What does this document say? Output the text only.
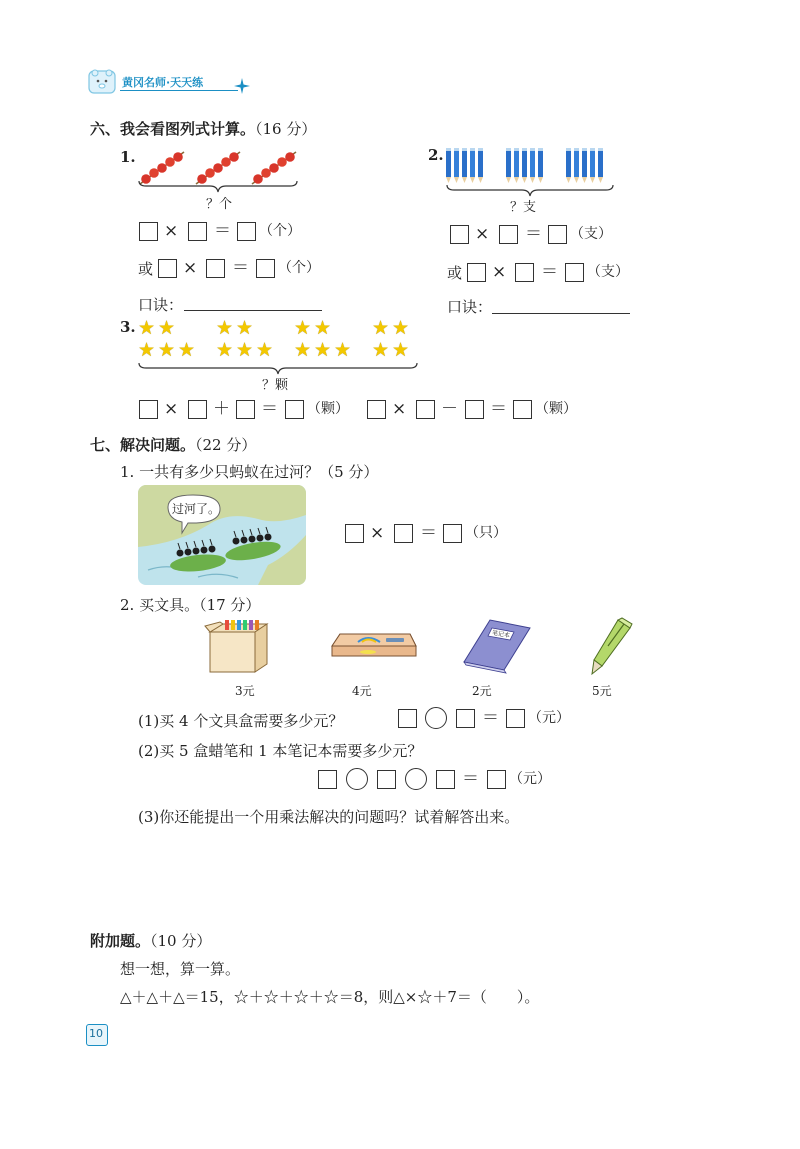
黄冈名师·天天练
六、我会看图列式计算。（16 分）
1.
？个
× ＝ （个）
或 × ＝ （个）
口诀：
2.
？支
× ＝ （支）
或 × ＝ （支）
口诀：
3. ★ ★
★ ★ ★
★ ★
★ ★ ★
★ ★
★ ★ ★
★ ★
★ ★
？颗
× ＋ ＝ （颗）	× － ＝ （颗）
七、解决问题。（22 分）
1. 一共有多少只蚂蚁在过河？（5 分）
过河了。
× ＝ （只）
2. 买文具。（17 分）
3元	4元
笔记本
2元	5元
(1)买 4 个文具盒需要多少元？	＝ （元）
(2)买 5 盒蜡笔和 1 本笔记本需要多少元？
＝ （元）
(3)你还能提出一个用乘法解决的问题吗？试着解答出来。
附加题。（10 分）
想一想，算一算。
△＋△＋△＝15，☆＋☆＋☆＋☆＝8，则△×☆＋7＝（　　）。
10
